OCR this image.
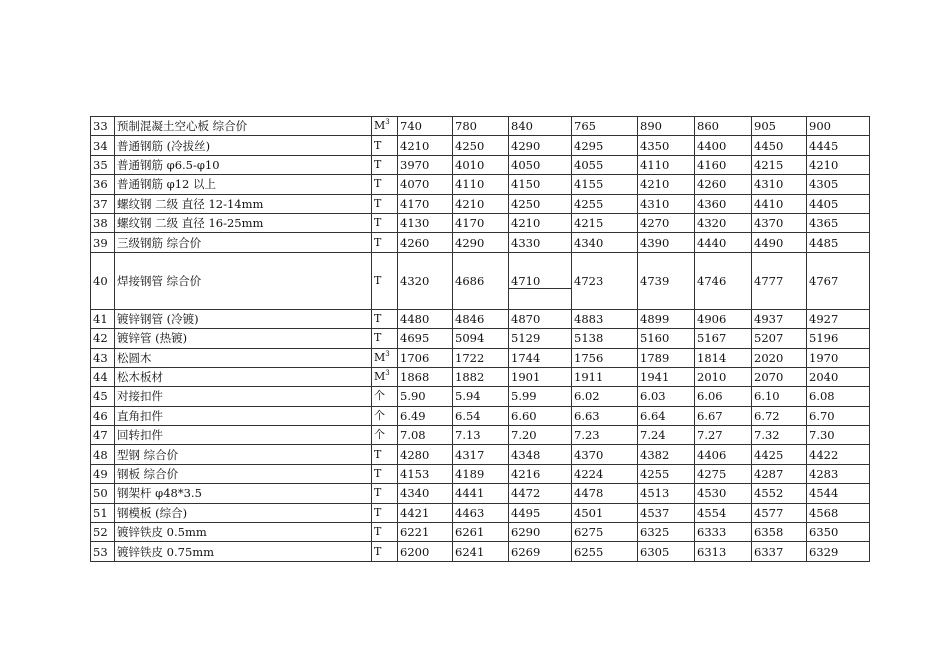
33	预制混凝土空心板 综合价	$M^3$	740	780	840	765	890	860	905	900
34	普通钢筋 (冷拔丝)	T	4210	4250	4290	4295	4350	4400	4450	4445
35	普通钢筋 φ6.5-φ10	T	3970	4010	4050	4055	4110	4160	4215	4210
36	普通钢筋 φ12 以上	T	4070	4110	4150	4155	4210	4260	4310	4305
37	螺纹钢 二级 直径 12-14mm	T	4170	4210	4250	4255	4310	4360	4410	4405
38	螺纹钢 二级 直径 16-25mm	T	4130	4170	4210	4215	4270	4320	4370	4365
39	三级钢筋 综合价	T	4260	4290	4330	4340	4390	4440	4490	4485
40	焊接钢管 综合价	T	4320	4686	4710	4723	4739	4746	4777	4767
41	镀锌钢管 (冷镀)	T	4480	4846	4870	4883	4899	4906	4937	4927
42	镀锌管 (热镀)	T	4695	5094	5129	5138	5160	5167	5207	5196
43	松圆木	$M^3$	1706	1722	1744	1756	1789	1814	2020	1970
44	松木板材	$M^3$	1868	1882	1901	1911	1941	2010	2070	2040
45	对接扣件	个	5.90	5.94	5.99	6.02	6.03	6.06	6.10	6.08
46	直角扣件	个	6.49	6.54	6.60	6.63	6.64	6.67	6.72	6.70
47	回转扣件	个	7.08	7.13	7.20	7.23	7.24	7.27	7.32	7.30
48	型钢 综合价	T	4280	4317	4348	4370	4382	4406	4425	4422
49	钢板 综合价	T	4153	4189	4216	4224	4255	4275	4287	4283
50	钢架杆 φ48*3.5	T	4340	4441	4472	4478	4513	4530	4552	4544
51	钢模板 (综合)	T	4421	4463	4495	4501	4537	4554	4577	4568
52	镀锌铁皮 0.5mm	T	6221	6261	6290	6275	6325	6333	6358	6350
53	镀锌铁皮 0.75mm	T	6200	6241	6269	6255	6305	6313	6337	6329
